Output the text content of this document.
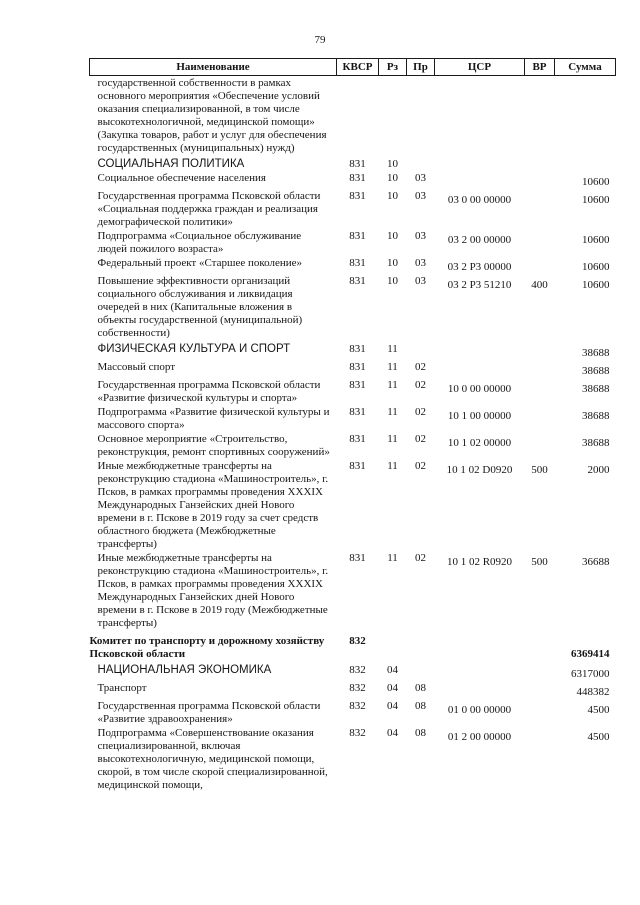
79
Наименование	КВСР	Рз	Пр	ЦСР	ВР	Сумма
государственной собственности в рамках основного мероприятия «Обеспечение условий оказания специализированной, в том числе высокотехнологичной, медицинской помощи» (Закупка товаров, работ и услуг для обеспечения государственных (муниципальных) нужд)						
СОЦИАЛЬНАЯ ПОЛИТИКА	831	10				
Социальное обеспечение населения	831	10	03			10600
Государственная программа Псковской области «Социальная поддержка граждан и реализация демографической политики»	831	10	03	03 0 00 00000		10600
Подпрограмма «Социальное обслуживание людей пожилого возраста»	831	10	03	03 2 00 00000		10600
Федеральный проект «Старшее поколение»	831	10	03	03 2 P3 00000		10600
Повышение эффективности организаций социального обслуживания и ликвидация очередей в них (Капитальные вложения в объекты государственной (муниципальной) собственности)	831	10	03	03 2 P3 51210	400	10600
ФИЗИЧЕСКАЯ КУЛЬТУРА И СПОРТ	831	11				38688
Массовый спорт	831	11	02			38688
Государственная программа Псковской области «Развитие физической культуры и спорта»	831	11	02	10 0 00 00000		38688
Подпрограмма «Развитие физической культуры и массового спорта»	831	11	02	10 1 00 00000		38688
Основное мероприятие «Строительство, реконструкция, ремонт спортивных сооружений»	831	11	02	10 1 02 00000		38688
Иные межбюджетные трансферты на реконструкцию стадиона «Машиностроитель», г. Псков, в рамках программы проведения XXXIX Международных Ганзейских дней Нового времени в г. Пскове в 2019 году за счет средств областного бюджета (Межбюджетные трансферты)	831	11	02	10 1 02 D0920	500	2000
Иные межбюджетные трансферты на реконструкцию стадиона «Машиностроитель», г. Псков, в рамках программы проведения XXXIX Международных Ганзейских дней Нового времени в г. Пскове в 2019 году (Межбюджетные трансферты)	831	11	02	10 1 02 R0920	500	36688
Комитет по транспорту и дорожному хозяйству Псковской области	832					6369414
НАЦИОНАЛЬНАЯ ЭКОНОМИКА	832	04				6317000
Транспорт	832	04	08			448382
Государственная программа Псковской области «Развитие здравоохранения»	832	04	08	01 0 00 00000		4500
Подпрограмма «Совершенствование оказания специализированной, включая высокотехнологичную, медицинской помощи, скорой, в том числе скорой специализированной, медицинской помощи,	832	04	08	01 2 00 00000		4500
